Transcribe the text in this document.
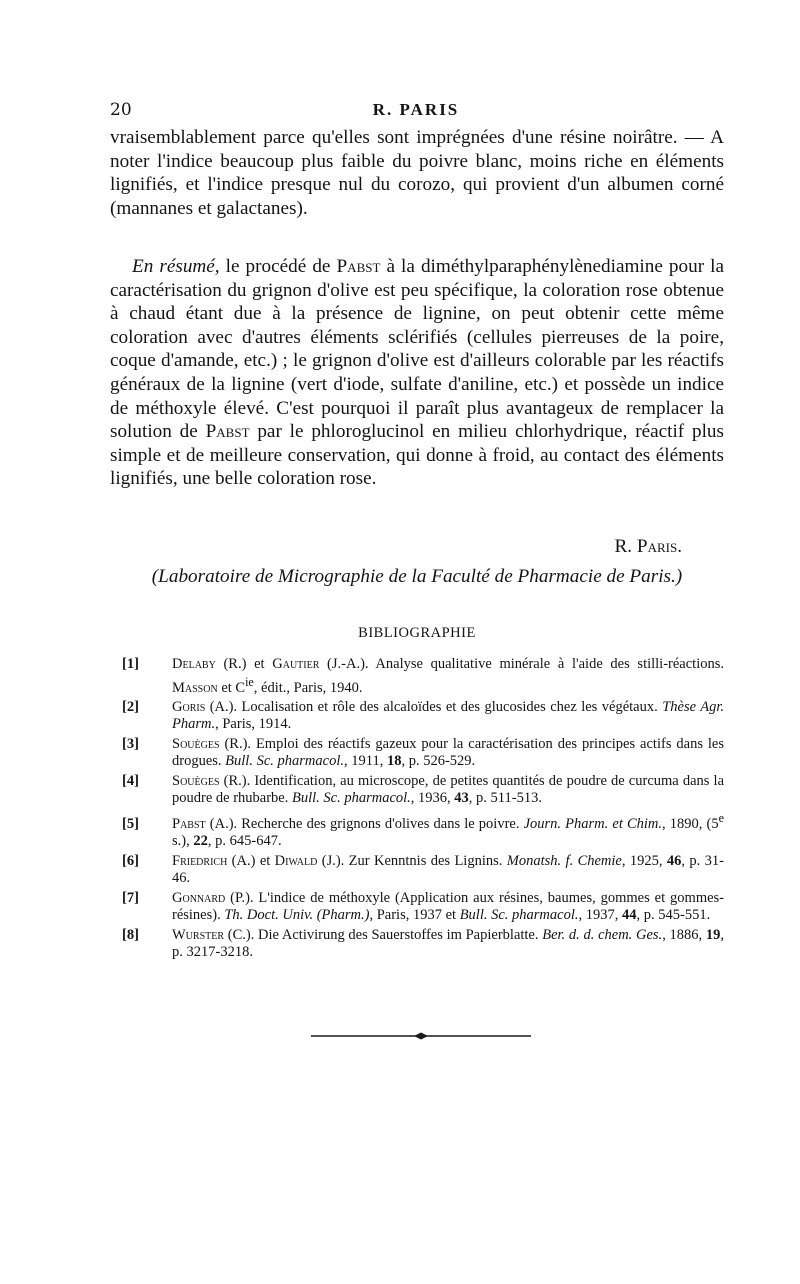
20	R. PARIS

vraisemblablement parce qu'elles sont imprégnées d'une résine noirâtre. — A noter l'indice beaucoup plus faible du poivre blanc, moins riche en éléments lignifiés, et l'indice presque nul du corozo, qui provient d'un albumen corné (mannanes et galactanes).

En résumé, le procédé de Pabst à la diméthylparaphénylènediamine pour la caractérisation du grignon d'olive est peu spécifique, la coloration rose obtenue à chaud étant due à la présence de lignine, on peut obtenir cette même coloration avec d'autres éléments sclérifiés (cellules pierreuses de la poire, coque d'amande, etc.) ; le grignon d'olive est d'ailleurs colorable par les réactifs généraux de la lignine (vert d'iode, sulfate d'aniline, etc.) et possède un indice de méthoxyle élevé. C'est pourquoi il paraît plus avantageux de remplacer la solution de Pabst par le phloroglucinol en milieu chlorhydrique, réactif plus simple et de meilleure conservation, qui donne à froid, au contact des éléments lignifiés, une belle coloration rose.

R. Paris.
(Laboratoire de Micrographie de la Faculté de Pharmacie de Paris.)
BIBLIOGRAPHIE

[1] Delaby (R.) et Gautier (J.-A.). Analyse qualitative minérale à l'aide des stilli-réactions. Masson et $C^{ie}$, édit., Paris, 1940.

[2] Goris (A.). Localisation et rôle des alcaloïdes et des glucosides chez les végétaux. Thèse Agr. Pharm., Paris, 1914.

[3] Souèges (R.). Emploi des réactifs gazeux pour la caractérisation des principes actifs dans les drogues. Bull. Sc. pharmacol., 1911, 18, p. 526-529.

[4] Souèges (R.). Identification, au microscope, de petites quantités de poudre de curcuma dans la poudre de rhubarbe. Bull. Sc. pharmacol., 1936, 43, p. 511-513.

[5] Pabst (A.). Recherche des grignons d'olives dans le poivre. Journ. Pharm. et Chim., 1890, (5e s.), 22, p. 645-647.

[6] Friedrich (A.) et Diwald (J.). Zur Kenntnis des Lignins. Monatsh. f. Chemie, 1925, 46, p. 31-46.

[7] Gonnard (P.). L'indice de méthoxyle (Application aux résines, baumes, gommes et gommes-résines). Th. Doct. Univ. (Pharm.), Paris, 1937 et Bull. Sc. pharmacol., 1937, 44, p. 545-551.

[8] Wurster (C.). Die Activirung des Sauerstoffes im Papierblatte. Ber. d. d. chem. Ges., 1886, 19, p. 3217-3218.
